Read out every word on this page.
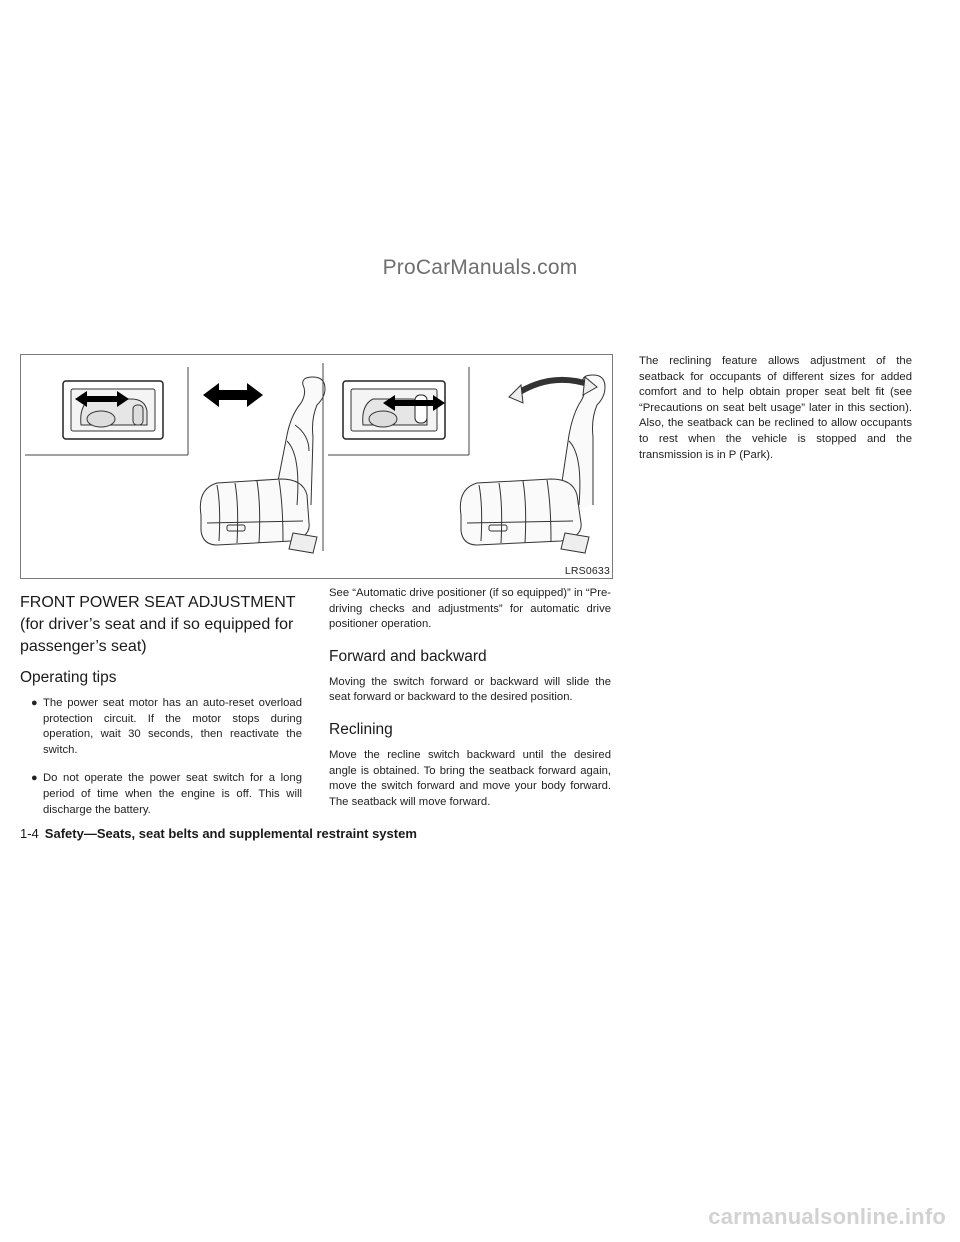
ProCarManuals.com
LRS0633
FRONT POWER SEAT ADJUSTMENT (for driver’s seat and if so equipped for passenger’s seat)
Operating tips
● The power seat motor has an auto-reset overload protection circuit. If the motor stops during operation, wait 30 seconds, then reactivate the switch.
● Do not operate the power seat switch for a long period of time when the engine is off. This will discharge the battery.

See “Automatic drive positioner (if so equipped)” in “Pre-driving checks and adjustments” for automatic drive positioner operation.

Forward and backward

Moving the switch forward or backward will slide the seat forward or backward to the desired position.

Reclining

Move the recline switch backward until the desired angle is obtained. To bring the seatback forward again, move the switch forward and move your body forward. The seatback will move forward.

The reclining feature allows adjustment of the seatback for occupants of different sizes for added comfort and to help obtain proper seat belt fit (see “Precautions on seat belt usage” later in this section). Also, the seatback can be reclined to allow occupants to rest when the vehicle is stopped and the transmission is in P (Park).

1-4 Safety—Seats, seat belts and supplemental restraint system
carmanualsonline.info
